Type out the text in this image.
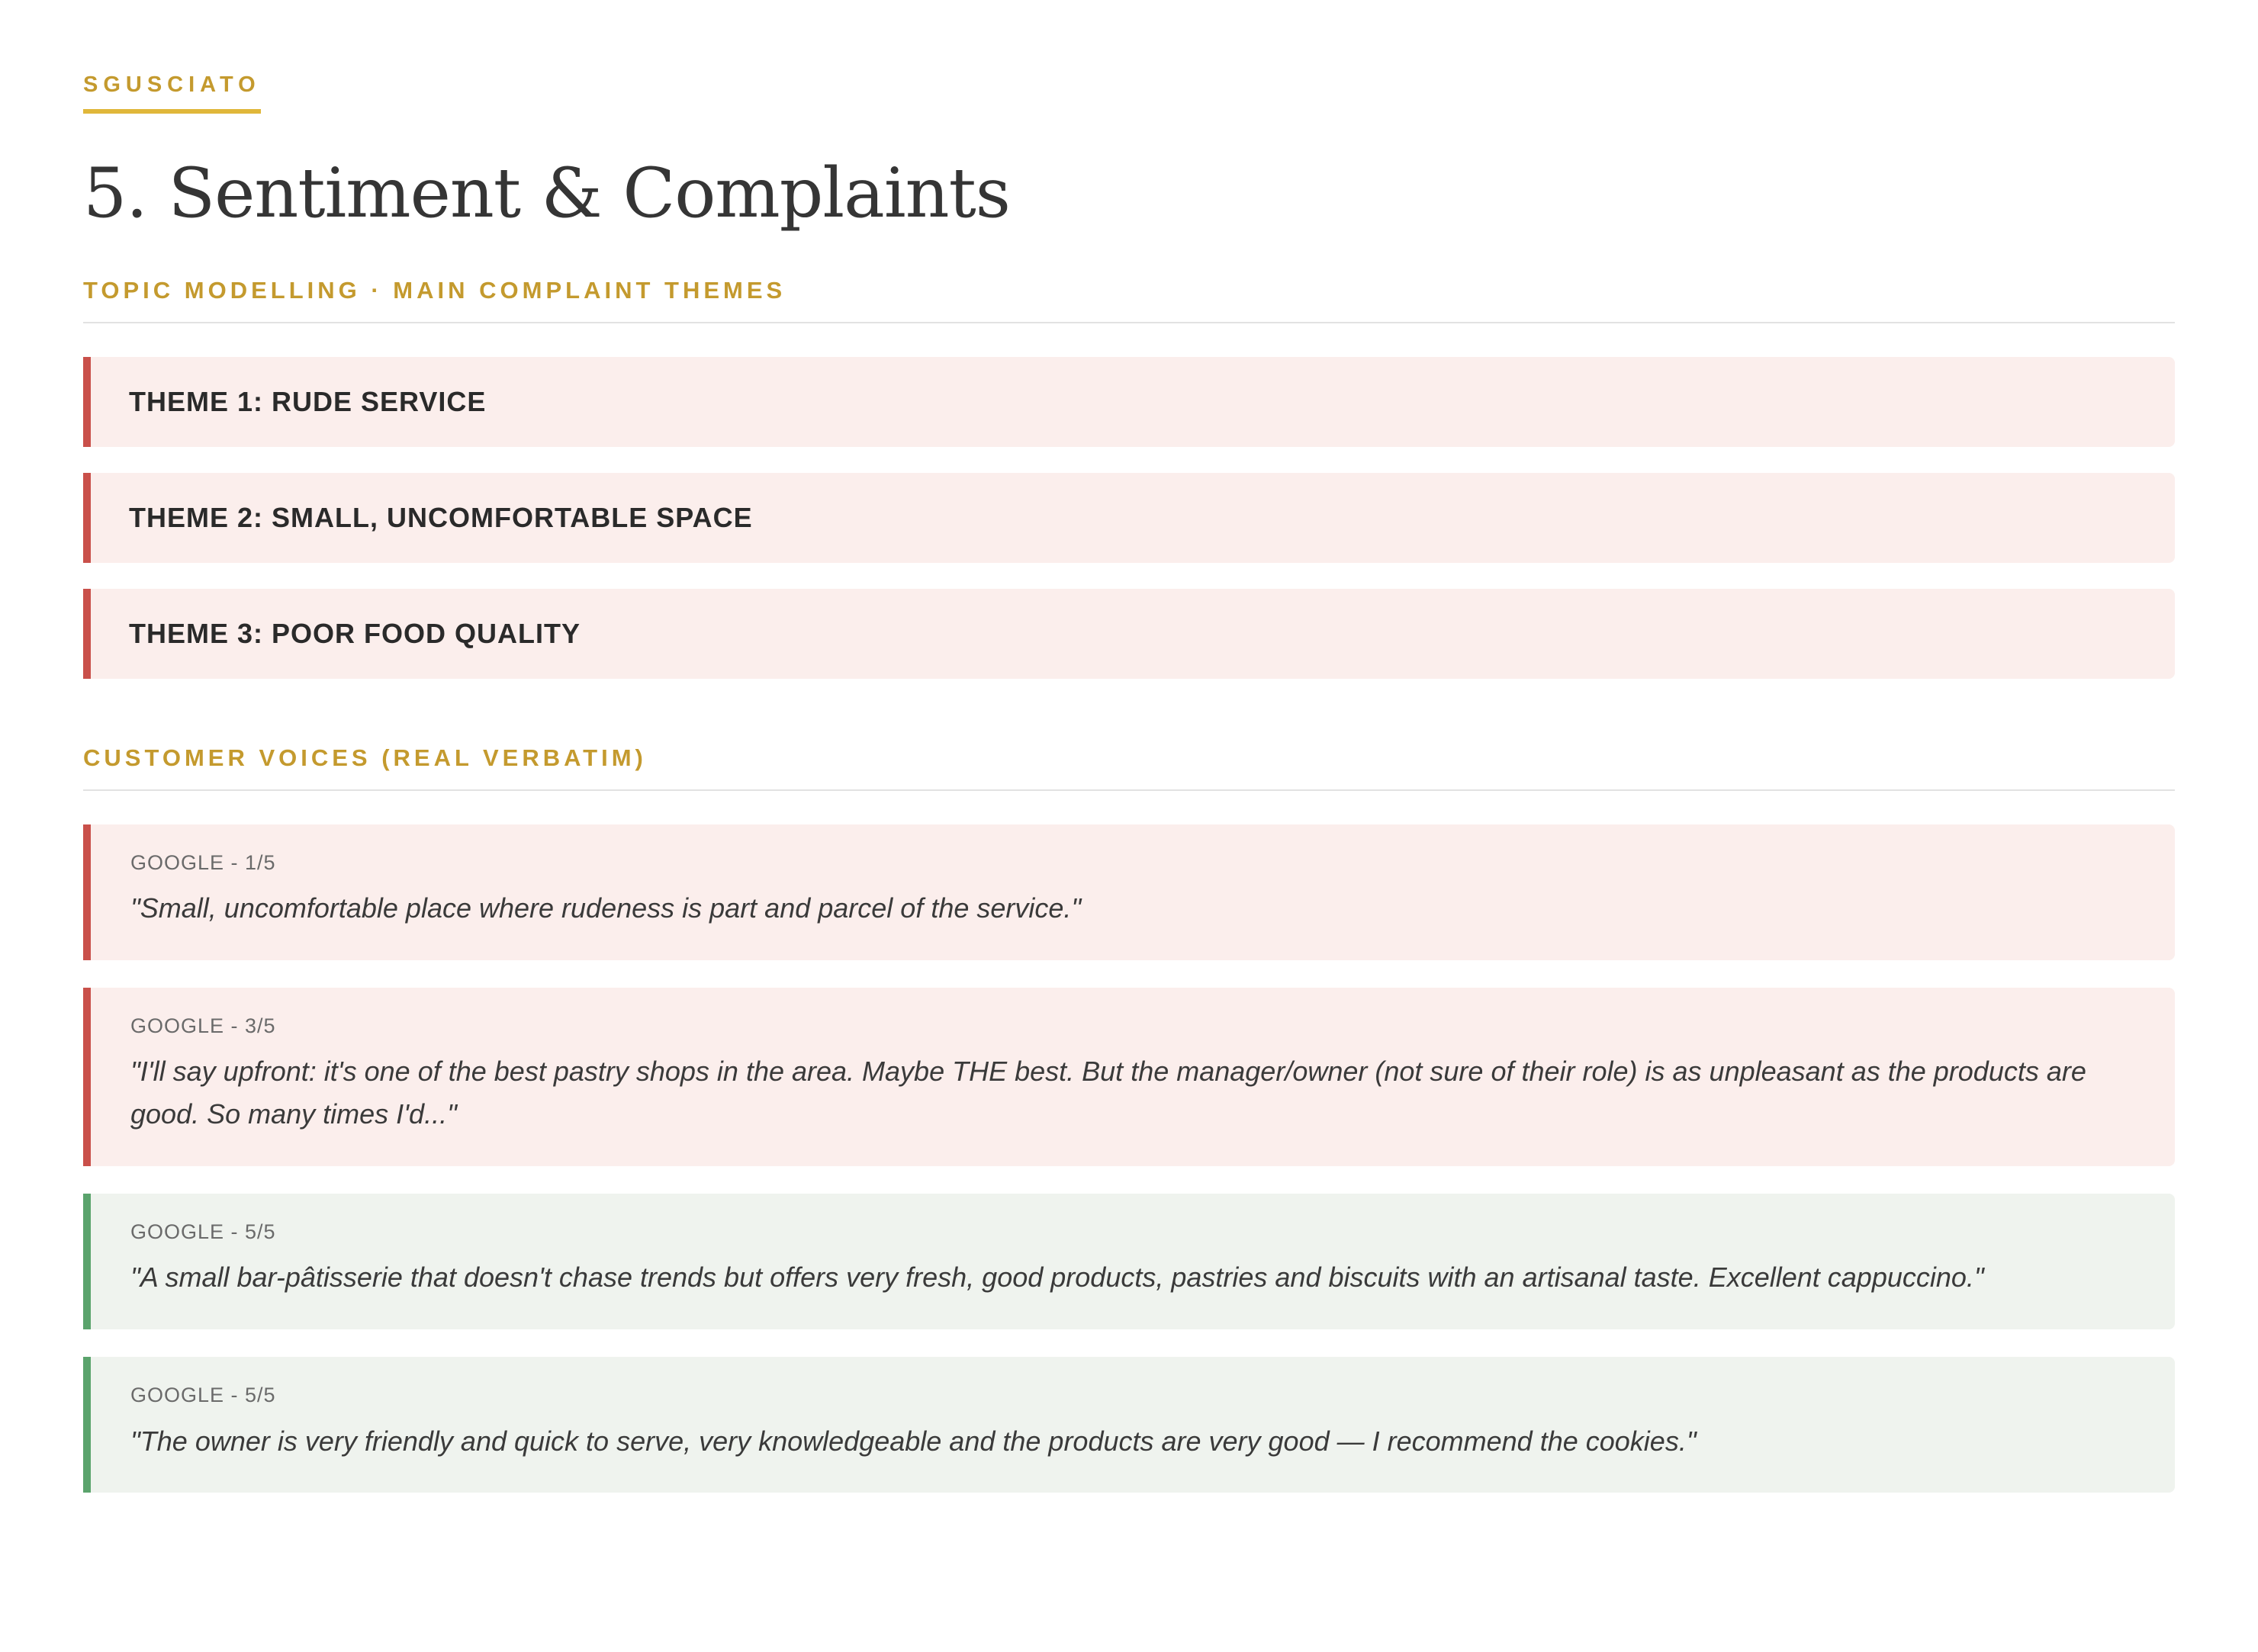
SGUSCIATO
5. Sentiment & Complaints
TOPIC MODELLING · MAIN COMPLAINT THEMES
THEME 1: RUDE SERVICE
THEME 2: SMALL, UNCOMFORTABLE SPACE
THEME 3: POOR FOOD QUALITY
CUSTOMER VOICES (REAL VERBATIM)
GOOGLE - 1/5
"Small, uncomfortable place where rudeness is part and parcel of the service."
GOOGLE - 3/5
"I'll say upfront: it's one of the best pastry shops in the area. Maybe THE best. But the manager/owner (not sure of their role) is as unpleasant as the products are good. So many times I'd..."
GOOGLE - 5/5
"A small bar-pâtisserie that doesn't chase trends but offers very fresh, good products, pastries and biscuits with an artisanal taste. Excellent cappuccino."
GOOGLE - 5/5
"The owner is very friendly and quick to serve, very knowledgeable and the products are very good — I recommend the cookies."
